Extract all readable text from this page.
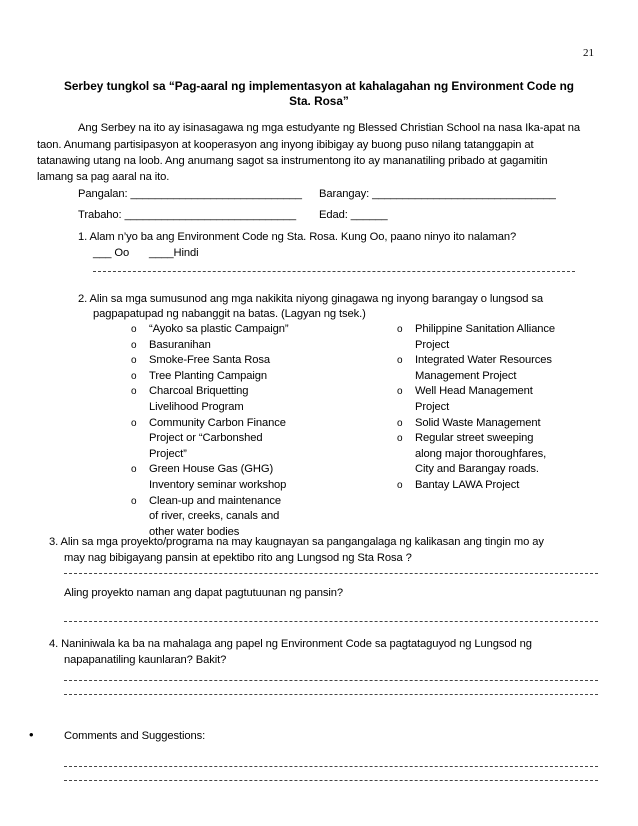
21
Serbey tungkol sa “Pag-aaral ng implementasyon at kahalagahan ng Environment Code ng
Sta. Rosa”
Ang Serbey na ito ay isinasagawa ng mga estudyante ng Blessed Christian School na nasa Ika-apat na
taon. Anumang partisipasyon at kooperasyon ang inyong ibibigay ay buong puso nilang tatanggapin at
tatanawing utang na loob. Ang anumang sagot sa instrumentong ito ay mananatiling pribado at gagamitin
lamang sa pag aaral na ito.
Pangalan: ____________________________ Barangay: ______________________________
Trabaho: ____________________________ Edad: ______
1. Alam n’yo ba ang Environment Code ng Sta. Rosa. Kung Oo, paano ninyo ito nalaman?
___ Oo ____Hindi
2. Alin sa mga sumusunod ang mga nakikita niyong ginagawa ng inyong barangay o lungsod sa
pagpapatupad ng nabanggit na batas. (Lagyan ng tsek.)
o “Ayoko sa plastic Campaign”
o Basuranihan
o Smoke-Free Santa Rosa
o Tree Planting Campaign
o Charcoal Briquetting
Livelihood Program
o Community Carbon Finance
Project or “Carbonshed
Project”
o Green House Gas (GHG)
Inventory seminar workshop
o Clean-up and maintenance
of river, creeks, canals and
other water bodies
o Philippine Sanitation Alliance
Project
o Integrated Water Resources
Management Project
o Well Head Management
Project
o Solid Waste Management
o Regular street sweeping
along major thoroughfares,
City and Barangay roads.
o Bantay LAWA Project
3. Alin sa mga proyekto/programa na may kaugnayan sa pangangalaga ng kalikasan ang tingin mo ay
may nag bibigayang pansin at epektibo rito ang Lungsod ng Sta Rosa ?
Aling proyekto naman ang dapat pagtutuunan ng pansin?
4. Naniniwala ka ba na mahalaga ang papel ng Environment Code sa pagtataguyod ng Lungsod ng
napapanatiling kaunlaran? Bakit?
•	Comments and Suggestions:
